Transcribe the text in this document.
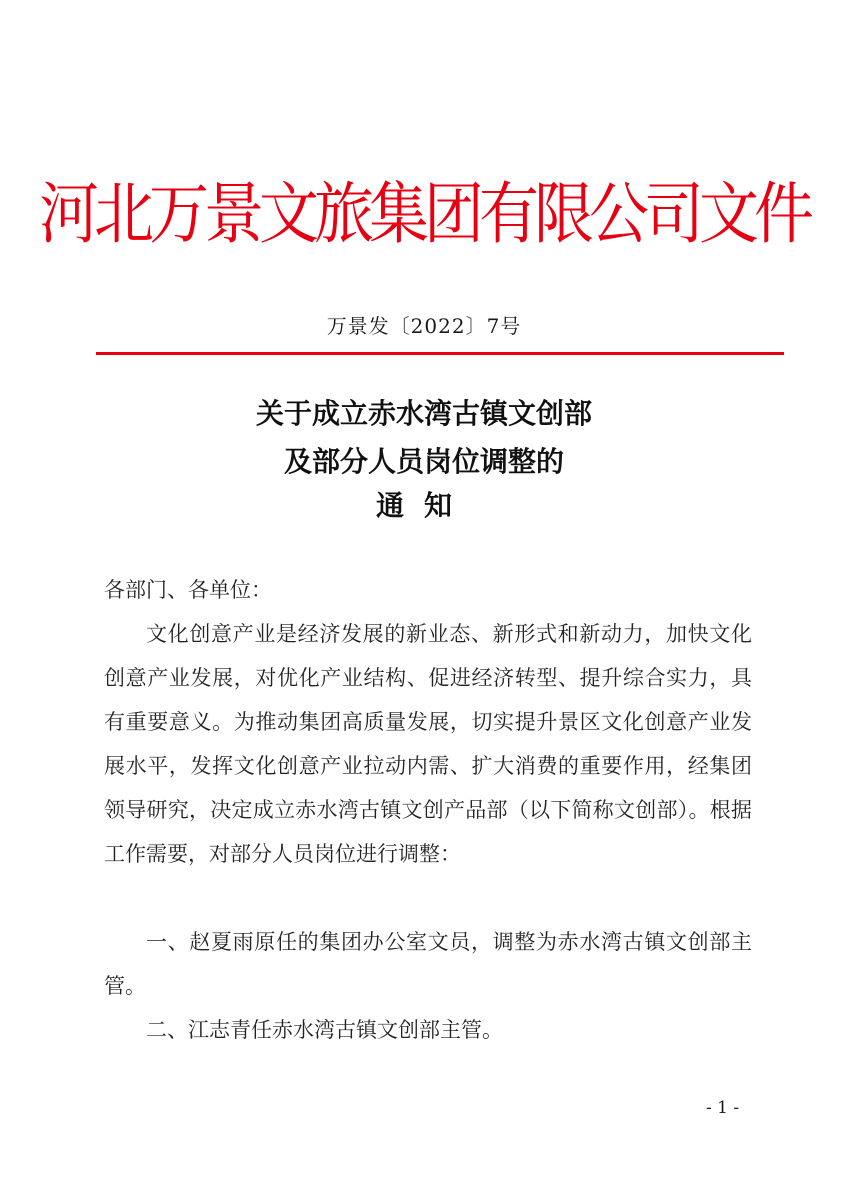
河北万景文旅集团有限公司文件
万景发〔2022〕7号
关于成立赤水湾古镇文创部
及部分人员岗位调整的
通知

各部门、各单位：

文化创意产业是经济发展的新业态、新形式和新动力，加快文化创意产业发展，对优化产业结构、促进经济转型、提升综合实力，具有重要意义。为推动集团高质量发展，切实提升景区文化创意产业发展水平，发挥文化创意产业拉动内需、扩大消费的重要作用，经集团领导研究，决定成立赤水湾古镇文创产品部（以下简称文创部）。根据工作需要，对部分人员岗位进行调整：

一、赵夏雨原任的集团办公室文员，调整为赤水湾古镇文创部主管。

二、江志青任赤水湾古镇文创部主管。

- 1 -
